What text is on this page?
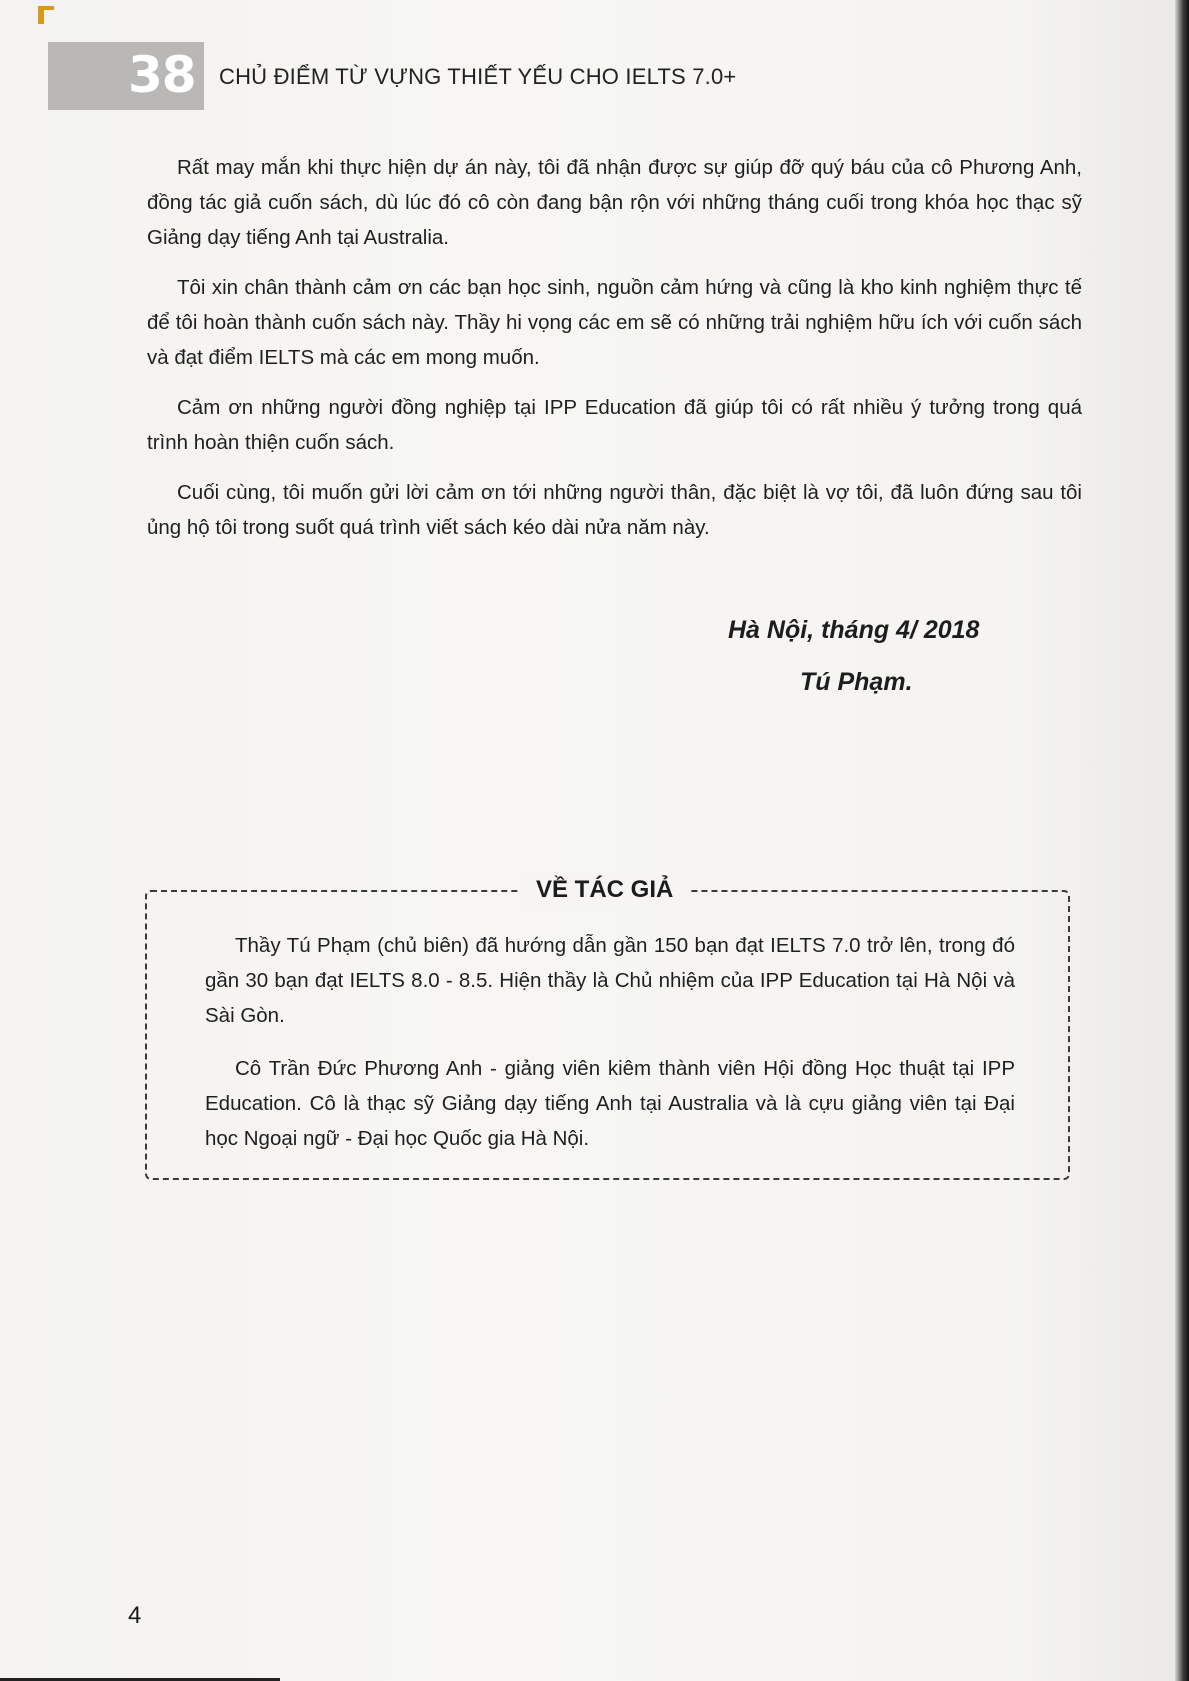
38	CHỦ ĐIỂM TỪ VỰNG THIẾT YẾU CHO IELTS 7.0+

Rất may mắn khi thực hiện dự án này, tôi đã nhận được sự giúp đỡ quý báu của cô Phương Anh, đồng tác giả cuốn sách, dù lúc đó cô còn đang bận rộn với những tháng cuối trong khóa học thạc sỹ Giảng dạy tiếng Anh tại Australia.

Tôi xin chân thành cảm ơn các bạn học sinh, nguồn cảm hứng và cũng là kho kinh nghiệm thực tế để tôi hoàn thành cuốn sách này. Thầy hi vọng các em sẽ có những trải nghiệm hữu ích với cuốn sách và đạt điểm IELTS mà các em mong muốn.

Cảm ơn những người đồng nghiệp tại IPP Education đã giúp tôi có rất nhiều ý tưởng trong quá trình hoàn thiện cuốn sách.

Cuối cùng, tôi muốn gửi lời cảm ơn tới những người thân, đặc biệt là vợ tôi, đã luôn đứng sau tôi ủng hộ tôi trong suốt quá trình viết sách kéo dài nửa năm này.

Hà Nội, tháng 4/ 2018
Tú Phạm.
VỀ TÁC GIẢ

Thầy Tú Phạm (chủ biên) đã hướng dẫn gần 150 bạn đạt IELTS 7.0 trở lên, trong đó gần 30 bạn đạt IELTS 8.0 - 8.5. Hiện thầy là Chủ nhiệm của IPP Education tại Hà Nội và Sài Gòn.

Cô Trần Đức Phương Anh - giảng viên kiêm thành viên Hội đồng Học thuật tại IPP Education. Cô là thạc sỹ Giảng dạy tiếng Anh tại Australia và là cựu giảng viên tại Đại học Ngoại ngữ - Đại học Quốc gia Hà Nội.

4
